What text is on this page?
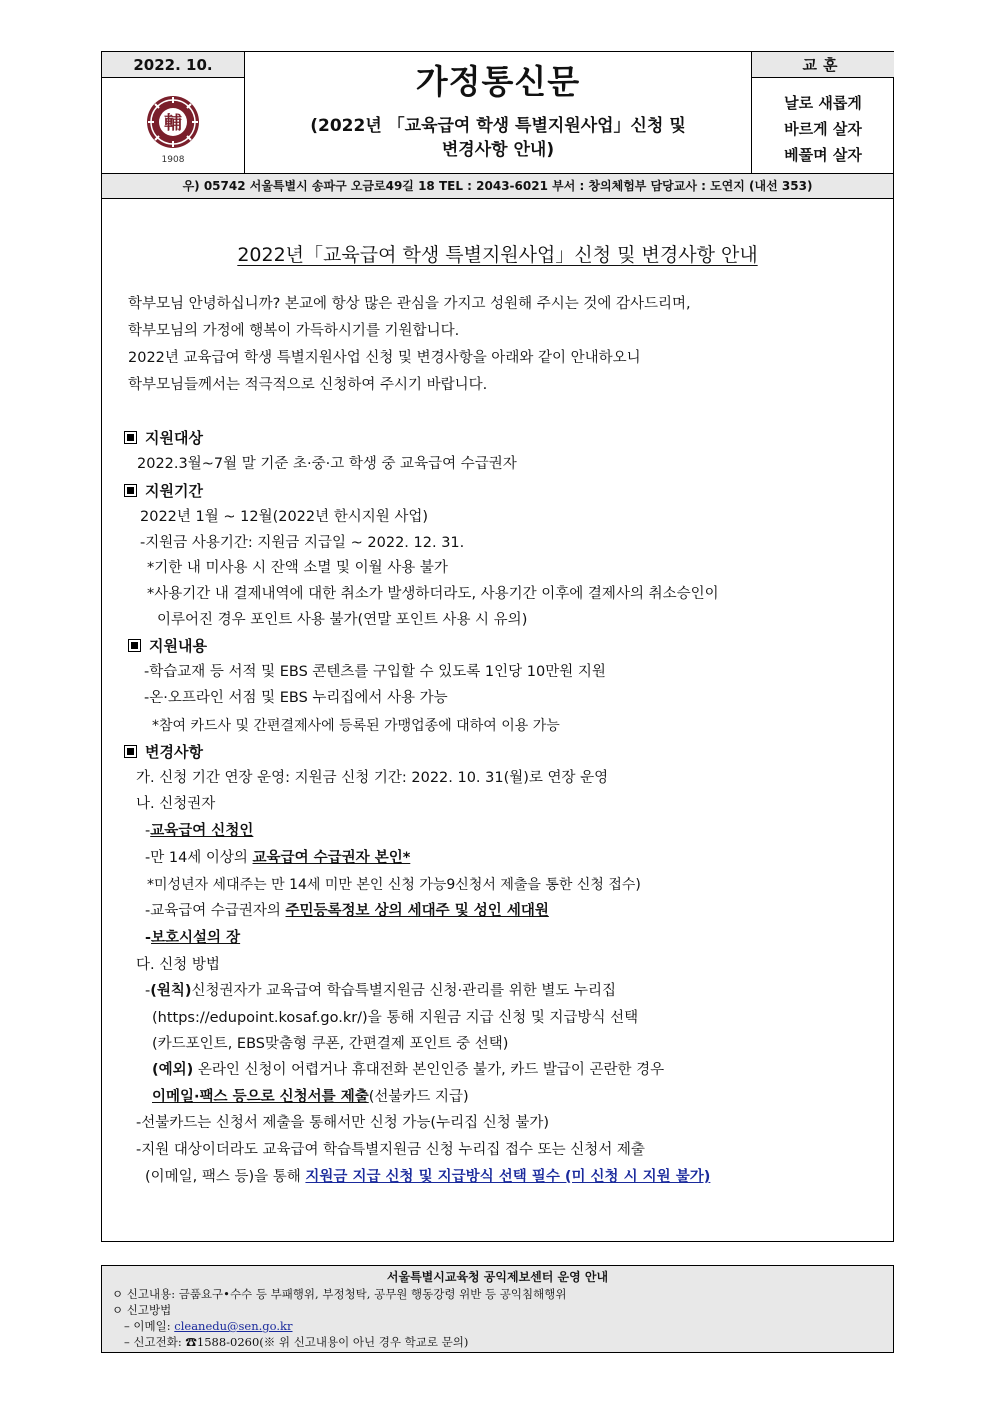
2022. 10.
輔
1908
가정통신문
(2022년 「교육급여 학생 특별지원사업」신청 및
변경사항 안내)
교훈
날로 새롭게
바르게 살자
베풀며 살자
우) 05742 서울특별시 송파구 오금로49길 18 TEL : 2043-6021 부서 : 창의체험부 담당교사 : 도연지 (내선 353)
2022년「교육급여 학생 특별지원사업」신청 및 변경사항 안내
학부모님 안녕하십니까? 본교에 항상 많은 관심을 가지고 성원해 주시는 것에 감사드리며,
학부모님의 가정에 행복이 가득하시기를 기원합니다.
2022년 교육급여 학생 특별지원사업 신청 및 변경사항을 아래와 같이 안내하오니
학부모님들께서는 적극적으로 신청하여 주시기 바랍니다.
지원대상
2022.3월~7월 말 기준 초·중·고 학생 중 교육급여 수급권자
지원기간
2022년 1월 ~ 12월(2022년 한시지원 사업)
-지원금 사용기간: 지원금 지급일 ~ 2022. 12. 31.
*기한 내 미사용 시 잔액 소멸 및 이월 사용 불가
*사용기간 내 결제내역에 대한 취소가 발생하더라도, 사용기간 이후에 결제사의 취소승인이
이루어진 경우 포인트 사용 불가(연말 포인트 사용 시 유의)
지원내용
-학습교재 등 서적 및 EBS 콘텐츠를 구입할 수 있도록 1인당 10만원 지원
-온·오프라인 서점 및 EBS 누리집에서 사용 가능
*참여 카드사 및 간편결제사에 등록된 가맹업종에 대하여 이용 가능
변경사항
가. 신청 기간 연장 운영: 지원금 신청 기간: 2022. 10. 31(월)로 연장 운영
나. 신청권자
-교육급여 신청인
-만 14세 이상의 교육급여 수급권자 본인*
*미성년자 세대주는 만 14세 미만 본인 신청 가능9신청서 제출을 통한 신청 접수)
-교육급여 수급권자의 주민등록정보 상의 세대주 및 성인 세대원
-보호시설의 장
다. 신청 방법
-(원칙)신청권자가 교육급여 학습특별지원금 신청·관리를 위한 별도 누리집
(https://edupoint.kosaf.go.kr/)을 통해 지원금 지급 신청 및 지급방식 선택
(카드포인트, EBS맞춤형 쿠폰, 간편결제 포인트 중 선택)
(예외) 온라인 신청이 어렵거나 휴대전화 본인인증 불가, 카드 발급이 곤란한 경우
이메일·팩스 등으로 신청서를 제출(선불카드 지급)
-선불카드는 신청서 제출을 통해서만 신청 가능(누리집 신청 불가)
-지원 대상이더라도 교육급여 학습특별지원금 신청 누리집 접수 또는 신청서 제출
(이메일, 팩스 등)을 통해 지원금 지급 신청 및 지급방식 선택 필수 (미 신청 시 지원 불가)
서울특별시교육청 공익제보센터 운영 안내
ㅇ 신고내용: 금품요구•수수 등 부패행위, 부정청탁, 공무원 행동강령 위반 등 공익침해행위
ㅇ 신고방법
– 이메일: cleanedu@sen.go.kr
– 신고전화: ☎1588-0260(※ 위 신고내용이 아닌 경우 학교로 문의)
